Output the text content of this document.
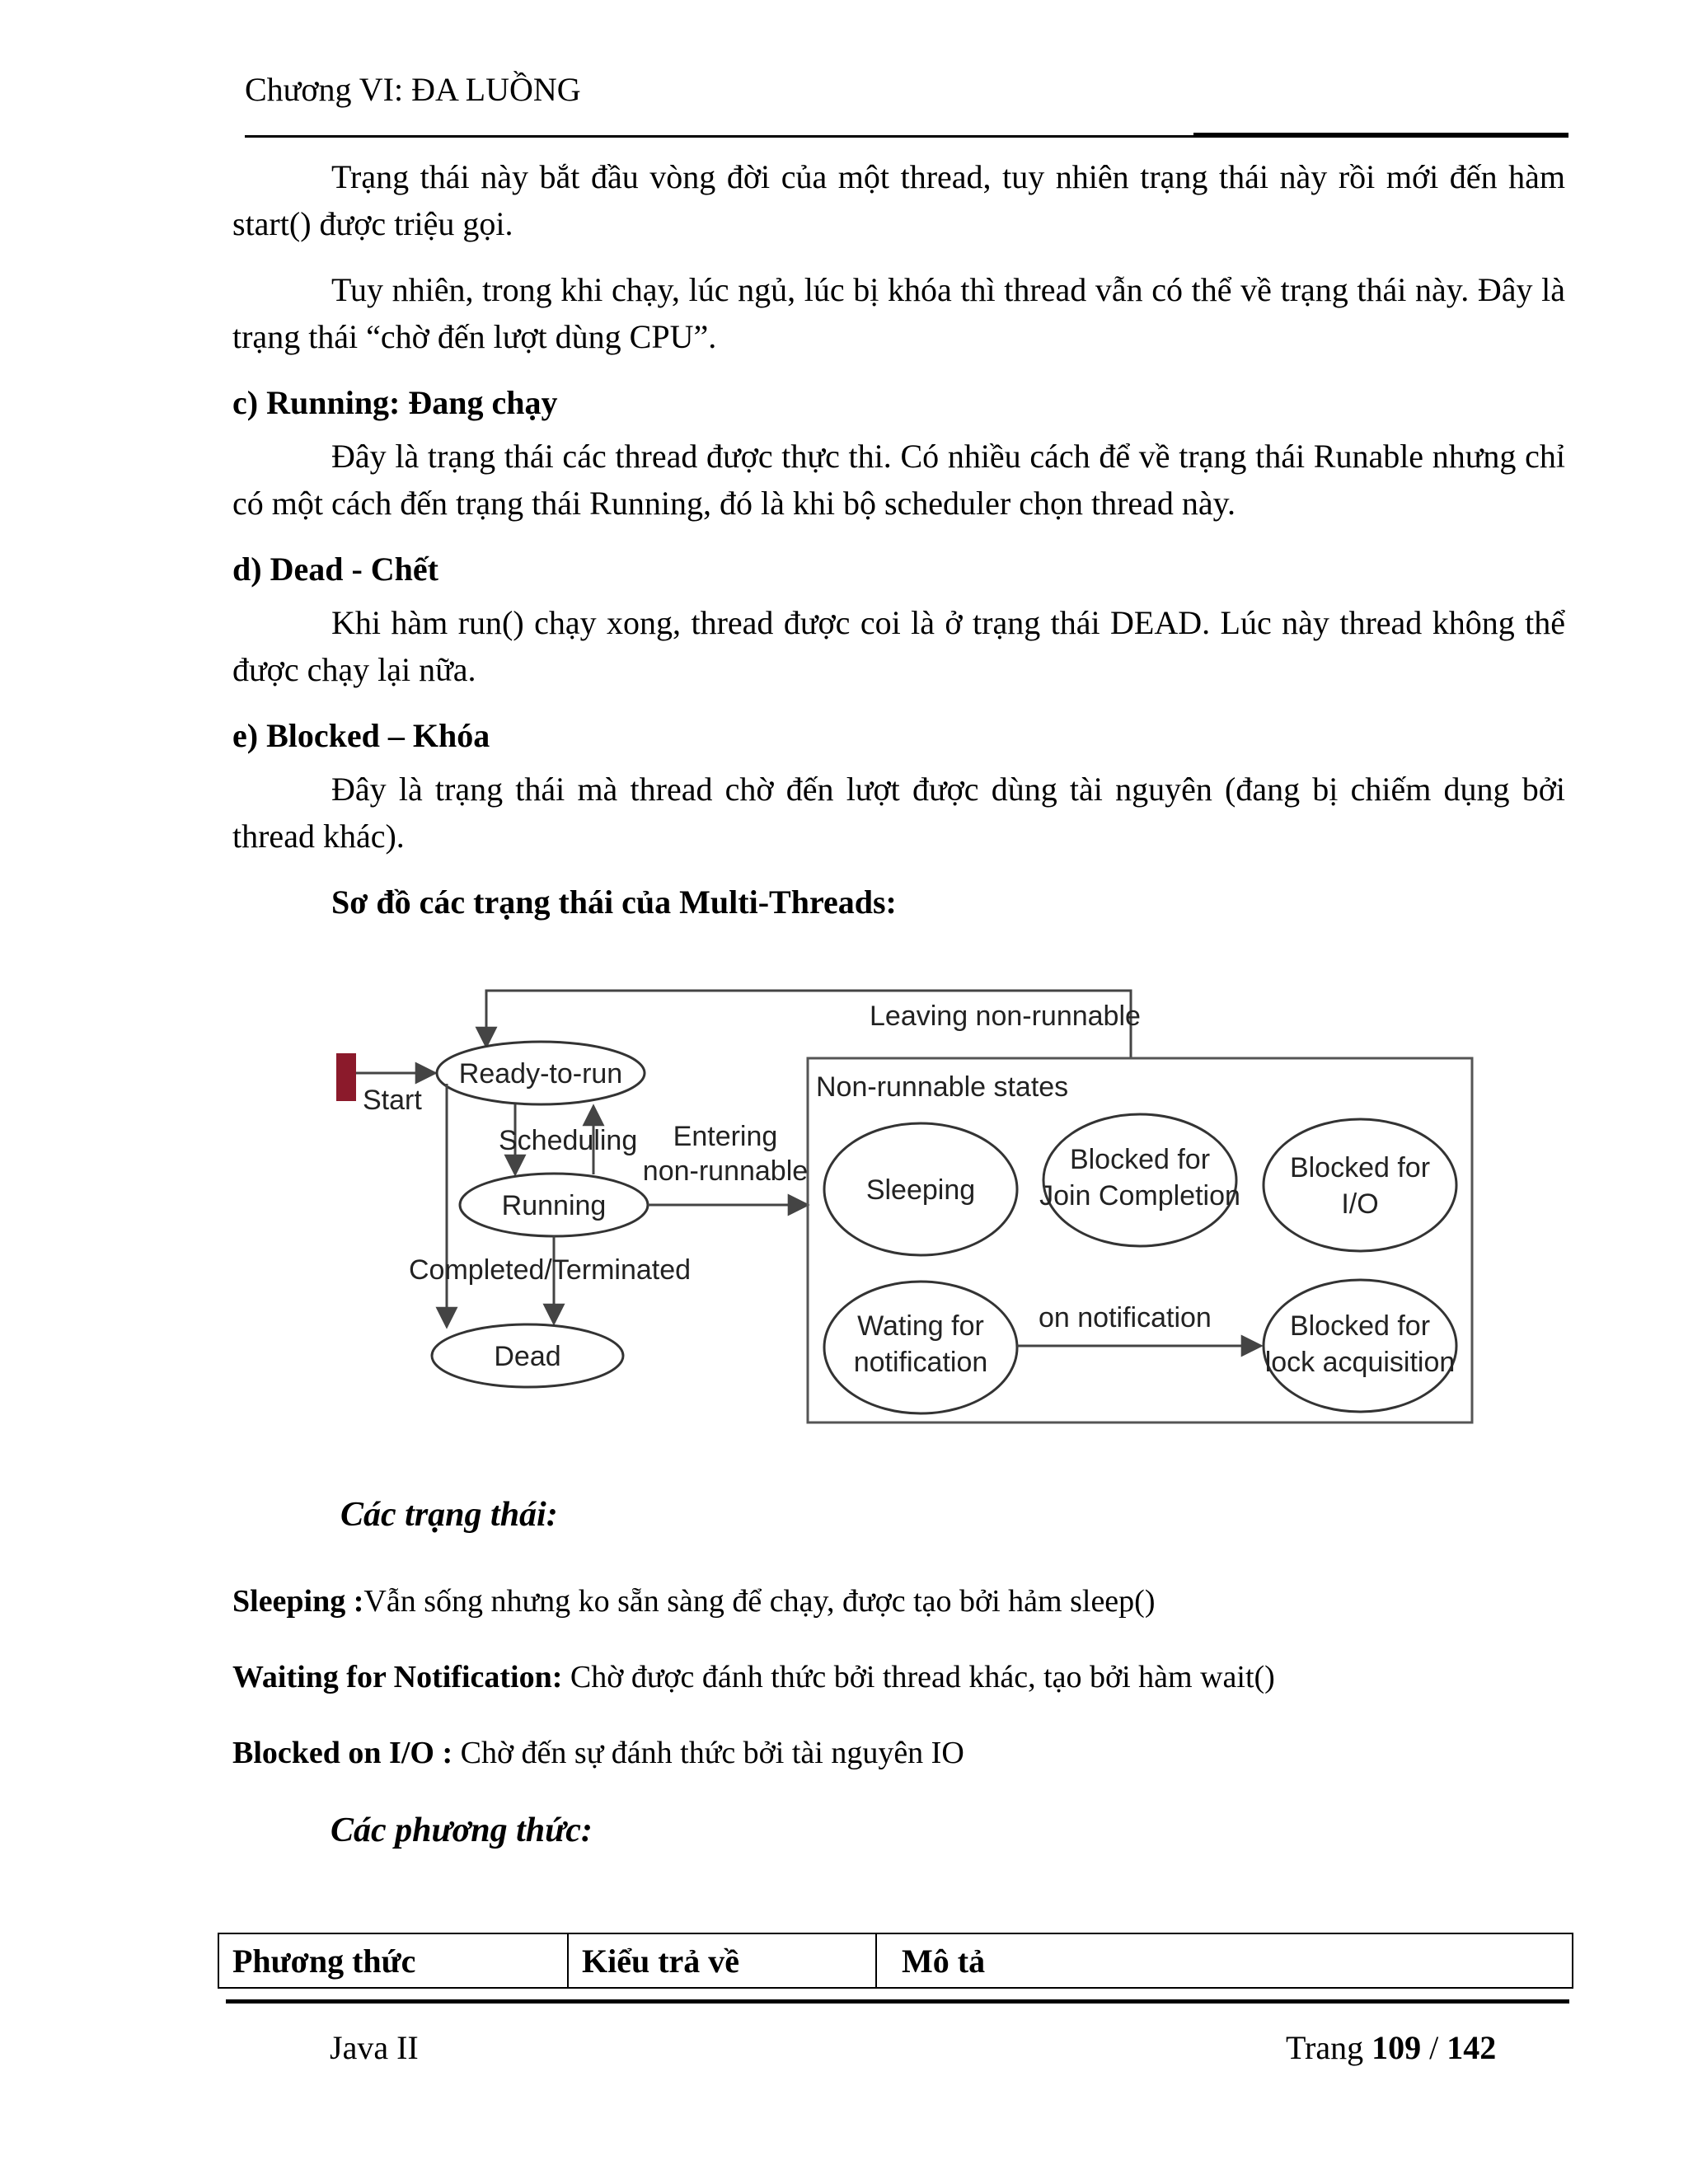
Chương VI: ĐA LUỒNG

Trạng thái này bắt đầu vòng đời của một thread, tuy nhiên trạng thái này rồi mới đến hàm start() được triệu gọi.

Tuy nhiên, trong khi chạy, lúc ngủ, lúc bị khóa thì thread vẫn có thể về trạng thái này. Đây là trạng thái “chờ đến lượt dùng CPU”.

c) Running: Đang chạy

Đây là trạng thái các thread được thực thi. Có nhiều cách để về trạng thái Runable nhưng chỉ có một cách đến trạng thái Running, đó là khi bộ scheduler chọn thread này.

d) Dead - Chết

Khi hàm run() chạy xong, thread được coi là ở trạng thái DEAD. Lúc này thread không thể được chạy lại nữa.

e) Blocked – Khóa

Đây là trạng thái mà thread chờ đến lượt được dùng tài nguyên (đang bị chiếm dụng bởi thread khác).

Sơ đồ các trạng thái của Multi-Threads:

Leaving non-runnable
Start
Ready-to-run
Scheduling
Running
Entering
non-runnable
Completed/Terminated
Dead
Non-runnable states
Sleeping
Blocked for
Join Completion
Blocked for
I/O
Wating for
notification
on notification	Blocked for
lock acquisition
Các trạng thái:
Sleeping :Vẫn sống nhưng ko sẵn sàng để chạy, được tạo bởi hảm sleep()
Waiting for Notification: Chờ được đánh thức bởi thread khác, tạo bởi hàm wait()
Blocked on I/O : Chờ đến sự đánh thức bởi tài nguyên IO
Các phương thức:
Phương thức	Kiểu trả về	Mô tả
Java II	Trang 109 / 142
